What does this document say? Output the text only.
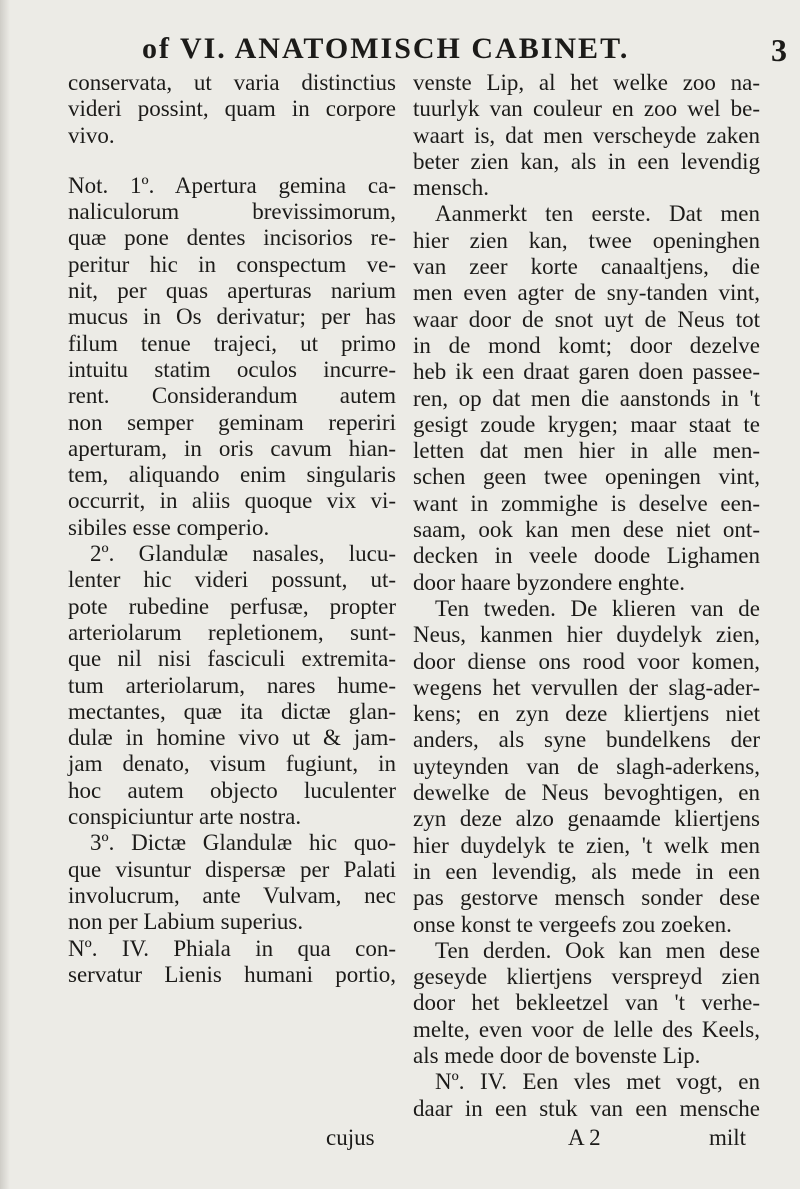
of VI. ANATOMISCH CABINET.	3
conservata, ut varia distinctius
videri possint, quam in corpore
vivo.
Not. 1º. Apertura gemina ca-
naliculorum brevissimorum,
quæ pone dentes incisorios re-
peritur hic in conspectum ve-
nit, per quas aperturas narium
mucus in Os derivatur; per has
filum tenue trajeci, ut primo
intuitu statim oculos incurre-
rent. Considerandum autem
non semper geminam reperiri
aperturam, in oris cavum hian-
tem, aliquando enim singularis
occurrit, in aliis quoque vix vi-
sibiles esse comperio.
2º. Glandulæ nasales, lucu-
lenter hic videri possunt, ut-
pote rubedine perfusæ, propter
arteriolarum repletionem, sunt-
que nil nisi fasciculi extremita-
tum arteriolarum, nares hume-
mectantes, quæ ita dictæ glan-
dulæ in homine vivo ut & jam-
jam denato, visum fugiunt, in
hoc autem objecto luculenter
conspiciuntur arte nostra.
3º. Dictæ Glandulæ hic quo-
que visuntur dispersæ per Palati
involucrum, ante Vulvam, nec
non per Labium superius.
Nº. IV. Phiala in qua con-
servatur Lienis humani portio,
venste Lip, al het welke zoo na-
tuurlyk van couleur en zoo wel be-
waart is, dat men verscheyde zaken
beter zien kan, als in een levendig
mensch.
Aanmerkt ten eerste. Dat men
hier zien kan, twee openinghen
van zeer korte canaaltjens, die
men even agter de sny-tanden vint,
waar door de snot uyt de Neus tot
in de mond komt; door dezelve
heb ik een draat garen doen passee-
ren, op dat men die aanstonds in 't
gesigt zoude krygen; maar staat te
letten dat men hier in alle men-
schen geen twee openingen vint,
want in zommighe is deselve een-
saam, ook kan men dese niet ont-
decken in veele doode Lighamen
door haare byzondere enghte.
Ten tweden. De klieren van de
Neus, kanmen hier duydelyk zien,
door diense ons rood voor komen,
wegens het vervullen der slag-ader-
kens; en zyn deze kliertjens niet
anders, als syne bundelkens der
uyteynden van de slagh-aderkens,
dewelke de Neus bevoghtigen, en
zyn deze alzo genaamde kliertjens
hier duydelyk te zien, 't welk men
in een levendig, als mede in een
pas gestorve mensch sonder dese
onse konst te vergeefs zou zoeken.
Ten derden. Ook kan men dese
geseyde kliertjens verspreyd zien
door het bekleetzel van 't verhe-
melte, even voor de lelle des Keels,
als mede door de bovenste Lip.
Nº. IV. Een vles met vogt, en
daar in een stuk van een mensche
cujus	A 2	milt
